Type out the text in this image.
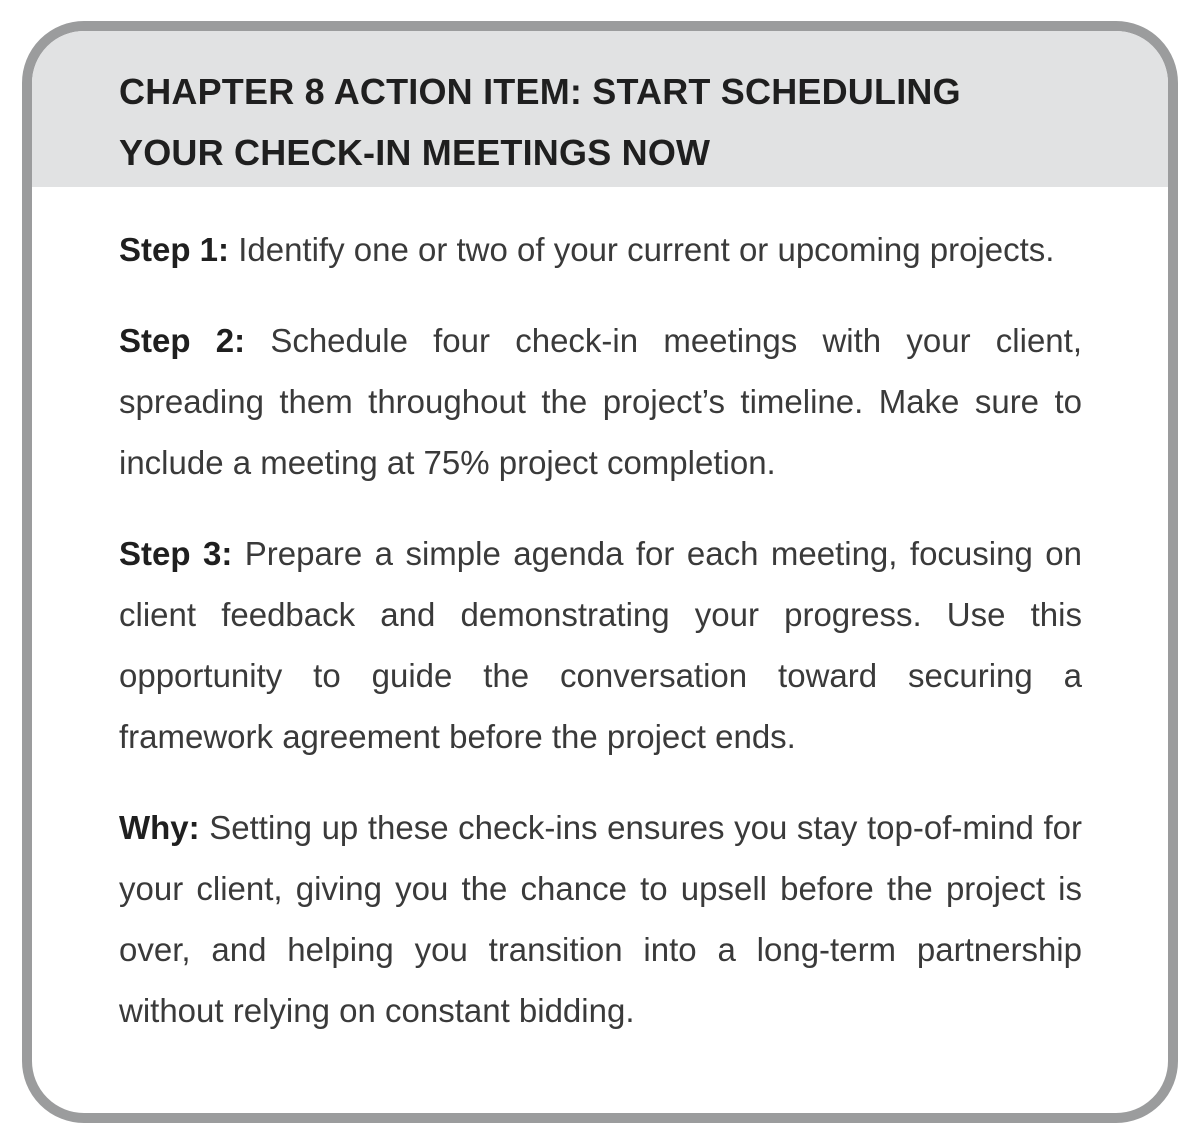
CHAPTER 8 ACTION ITEM: START SCHEDULING
YOUR CHECK-IN MEETINGS NOW

Step 1: Identify one or two of your current or upcoming projects.

Step 2: Schedule four check-in meetings with your client, spreading them throughout the project’s timeline. Make sure to include a meeting at 75% project completion.

Step 3: Prepare a simple agenda for each meeting, focusing on client feedback and demonstrating your progress. Use this opportunity to guide the conversation toward securing a framework agreement before the project ends.

Why: Setting up these check-ins ensures you stay top-of-mind for your client, giving you the chance to upsell before the project is over, and helping you transition into a long-term partnership without relying on constant bidding.
